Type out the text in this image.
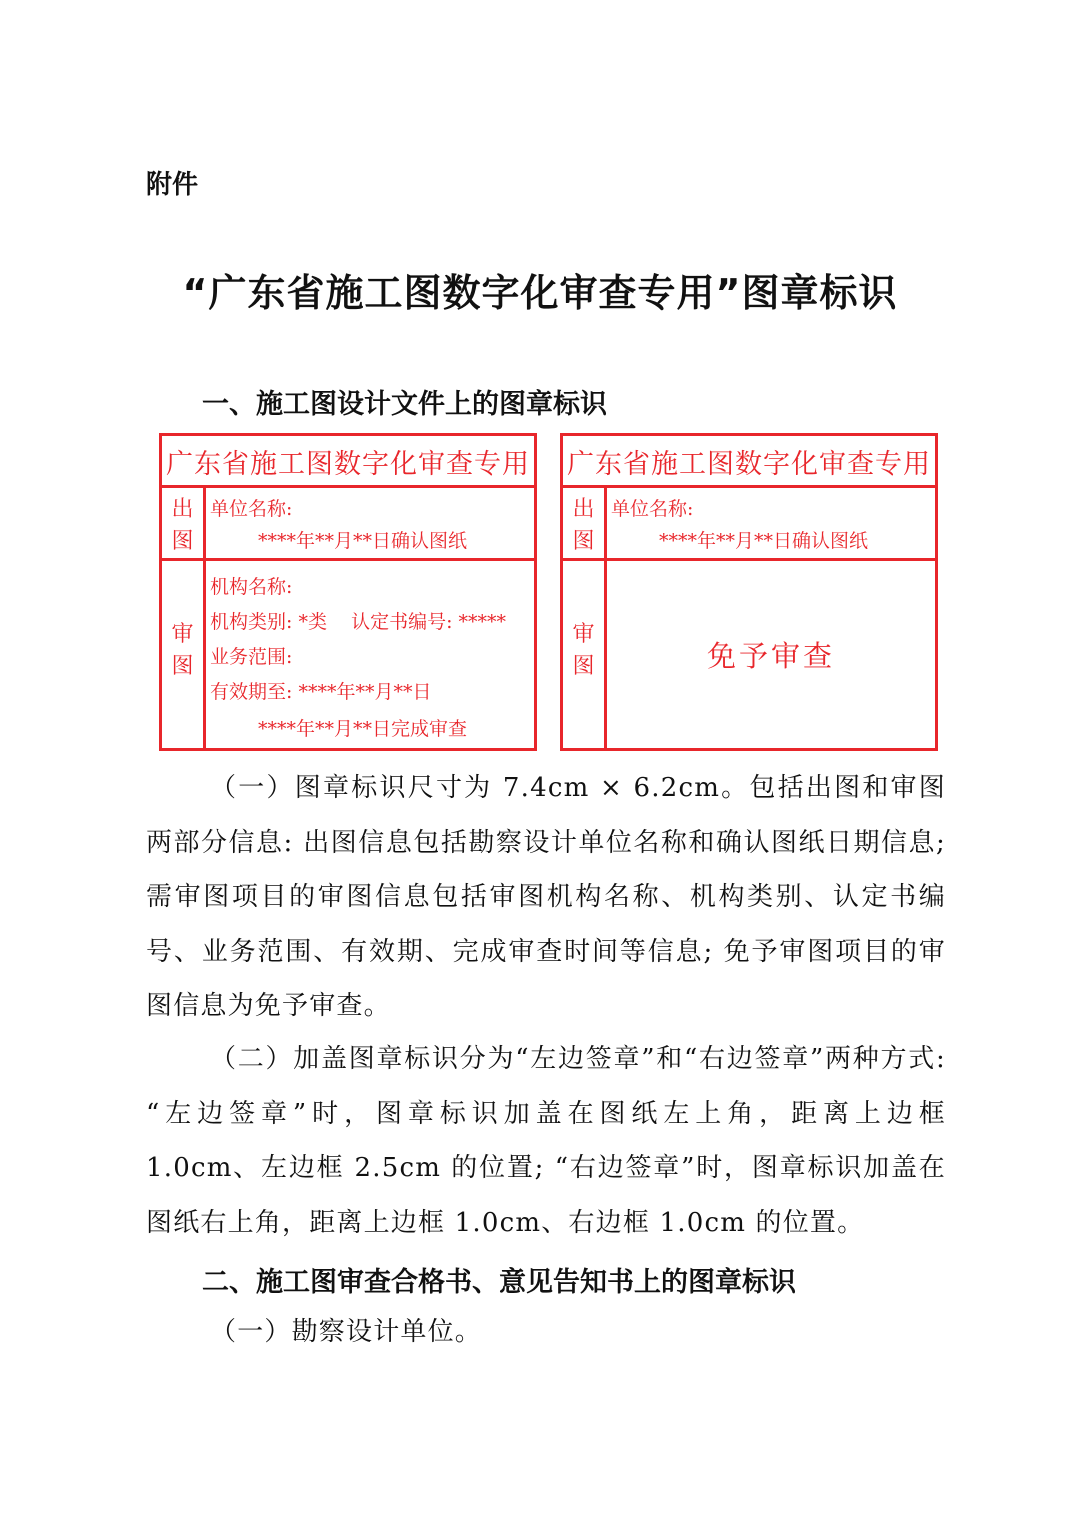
附件
“广东省施工图数字化审查专用”图章标识
一、施工图设计文件上的图章标识
广东省施工图数字化审查专用
出
图
审
图
单位名称:
****年**月**日确认图纸
机构名称:
机构类别: *类    认定书编号: *****
业务范围:
有效期至: ****年**月**日
****年**月**日完成审查
广东省施工图数字化审查专用
出
图
审
图
单位名称:
****年**月**日确认图纸
免予审查
（一）图章标识尺寸为 7.4cm × 6.2cm。包括出图和审图两部分信息: 出图信息包括勘察设计单位名称和确认图纸日期信息; 需审图项目的审图信息包括审图机构名称、机构类别、认定书编号、业务范围、有效期、完成审查时间等信息; 免予审图项目的审图信息为免予审查。
（二）加盖图章标识分为“左边签章”和“右边签章”两种方式: “左边签章”时，图章标识加盖在图纸左上角，距离上边框 1.0cm、左边框 2.5cm 的位置; “右边签章”时，图章标识加盖在图纸右上角，距离上边框 1.0cm、右边框 1.0cm 的位置。
二、施工图审查合格书、意见告知书上的图章标识
（一）勘察设计单位。
